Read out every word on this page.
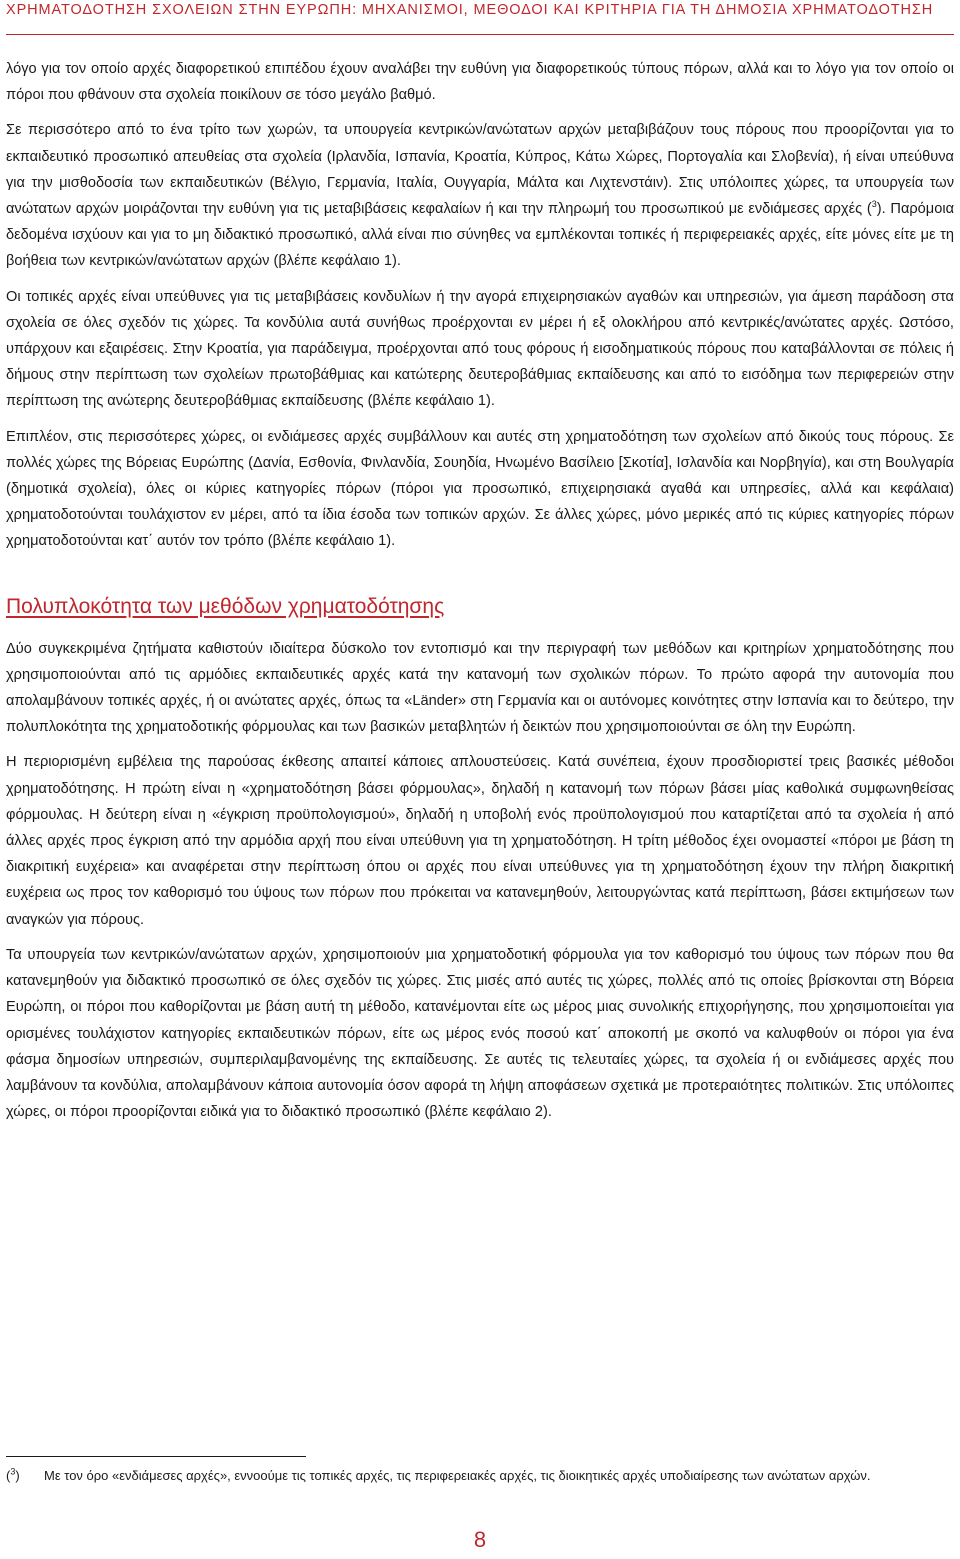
ΧΡΗΜΑΤΟΔΟΤΗΣΗ ΣΧΟΛΕΙΩΝ ΣΤΗΝ ΕΥΡΩΠΗ: ΜΗΧΑΝΙΣΜΟΙ, ΜΕΘΟΔΟΙ ΚΑΙ ΚΡΙΤΗΡΙΑ ΓΙΑ ΤΗ ΔΗΜΟΣΙΑ ΧΡΗΜΑΤΟΔΟΤΗΣΗ

λόγο για τον οποίο αρχές διαφορετικού επιπέδου έχουν αναλάβει την ευθύνη για διαφορετικούς τύπους πόρων, αλλά και το λόγο για τον οποίο οι πόροι που φθάνουν στα σχολεία ποικίλουν σε τόσο μεγάλο βαθμό.

Σε περισσότερο από το ένα τρίτο των χωρών, τα υπουργεία κεντρικών/ανώτατων αρχών μεταβιβάζουν τους πόρους που προορίζονται για το εκπαιδευτικό προσωπικό απευθείας στα σχολεία (Ιρλανδία, Ισπανία, Κροατία, Κύπρος, Κάτω Χώρες, Πορτογαλία και Σλοβενία), ή είναι υπεύθυνα για την μισθοδοσία των εκπαιδευτικών (Βέλγιο, Γερμανία, Ιταλία, Ουγγαρία, Μάλτα και Λιχτενστάιν). Στις υπόλοιπες χώρες, τα υπουργεία των ανώτατων αρχών μοιράζονται την ευθύνη για τις μεταβιβάσεις κεφαλαίων ή και την πληρωμή του προσωπικού με ενδιάμεσες αρχές ($^3$). Παρόμοια δεδομένα ισχύουν και για το μη διδακτικό προσωπικό, αλλά είναι πιο σύνηθες να εμπλέκονται τοπικές ή περιφερειακές αρχές, είτε μόνες είτε με τη βοήθεια των κεντρικών/ανώτατων αρχών (βλέπε κεφάλαιο 1).

Οι τοπικές αρχές είναι υπεύθυνες για τις μεταβιβάσεις κονδυλίων ή την αγορά επιχειρησιακών αγαθών και υπηρεσιών, για άμεση παράδοση στα σχολεία σε όλες σχεδόν τις χώρες. Τα κονδύλια αυτά συνήθως προέρχονται εν μέρει ή εξ ολοκλήρου από κεντρικές/ανώτατες αρχές. Ωστόσο, υπάρχουν και εξαιρέσεις. Στην Κροατία, για παράδειγμα, προέρχονται από τους φόρους ή εισοδηματικούς πόρους που καταβάλλονται σε πόλεις ή δήμους στην περίπτωση των σχολείων πρωτοβάθμιας και κατώτερης δευτεροβάθμιας εκπαίδευσης και από το εισόδημα των περιφερειών στην περίπτωση της ανώτερης δευτεροβάθμιας εκπαίδευσης (βλέπε κεφάλαιο 1).

Επιπλέον, στις περισσότερες χώρες, οι ενδιάμεσες αρχές συμβάλλουν και αυτές στη χρηματοδότηση των σχολείων από δικούς τους πόρους. Σε πολλές χώρες της Βόρειας Ευρώπης (Δανία, Εσθονία, Φινλανδία, Σουηδία, Ηνωμένο Βασίλειο [Σκοτία], Ισλανδία και Νορβηγία), και στη Βουλγαρία (δημοτικά σχολεία), όλες οι κύριες κατηγορίες πόρων (πόροι για προσωπικό, επιχειρησιακά αγαθά και υπηρεσίες, αλλά και κεφάλαια) χρηματοδοτούνται τουλάχιστον εν μέρει, από τα ίδια έσοδα των τοπικών αρχών. Σε άλλες χώρες, μόνο μερικές από τις κύριες κατηγορίες πόρων χρηματοδοτούνται κατ΄ αυτόν τον τρόπο (βλέπε κεφάλαιο 1).

Πολυπλοκότητα των μεθόδων χρηματοδότησης

Δύο συγκεκριμένα ζητήματα καθιστούν ιδιαίτερα δύσκολο τον εντοπισμό και την περιγραφή των μεθόδων και κριτηρίων χρηματοδότησης που χρησιμοποιούνται από τις αρμόδιες εκπαιδευτικές αρχές κατά την κατανομή των σχολικών πόρων. Το πρώτο αφορά την αυτονομία που απολαμβάνουν τοπικές αρχές, ή οι ανώτατες αρχές, όπως τα «Länder» στη Γερμανία και οι αυτόνομες κοινότητες στην Ισπανία και το δεύτερο, την πολυπλοκότητα της χρηματοδοτικής φόρμουλας και των βασικών μεταβλητών ή δεικτών που χρησιμοποιούνται σε όλη την Ευρώπη.

Η περιορισμένη εμβέλεια της παρούσας έκθεσης απαιτεί κάποιες απλουστεύσεις. Κατά συνέπεια, έχουν προσδιοριστεί τρεις βασικές μέθοδοι χρηματοδότησης. Η πρώτη είναι η «χρηματοδότηση βάσει φόρμουλας», δηλαδή η κατανομή των πόρων βάσει μίας καθολικά συμφωνηθείσας φόρμουλας. Η δεύτερη είναι η «έγκριση προϋπολογισμού», δηλαδή η υποβολή ενός προϋπολογισμού που καταρτίζεται από τα σχολεία ή από άλλες αρχές προς έγκριση από την αρμόδια αρχή που είναι υπεύθυνη για τη χρηματοδότηση. Η τρίτη μέθοδος έχει ονομαστεί «πόροι με βάση τη διακριτική ευχέρεια» και αναφέρεται στην περίπτωση όπου οι αρχές που είναι υπεύθυνες για τη χρηματοδότηση έχουν την πλήρη διακριτική ευχέρεια ως προς τον καθορισμό του ύψους των πόρων που πρόκειται να κατανεμηθούν, λειτουργώντας κατά περίπτωση, βάσει εκτιμήσεων των αναγκών για πόρους.

Τα υπουργεία των κεντρικών/ανώτατων αρχών, χρησιμοποιούν μια χρηματοδοτική φόρμουλα για τον καθορισμό του ύψους των πόρων που θα κατανεμηθούν για διδακτικό προσωπικό σε όλες σχεδόν τις χώρες. Στις μισές από αυτές τις χώρες, πολλές από τις οποίες βρίσκονται στη Βόρεια Ευρώπη, οι πόροι που καθορίζονται με βάση αυτή τη μέθοδο, κατανέμονται είτε ως μέρος μιας συνολικής επιχορήγησης, που χρησιμοποιείται για ορισμένες τουλάχιστον κατηγορίες εκπαιδευτικών πόρων, είτε ως μέρος ενός ποσού κατ΄ αποκοπή με σκοπό να καλυφθούν οι πόροι για ένα φάσμα δημοσίων υπηρεσιών, συμπεριλαμβανομένης της εκπαίδευσης. Σε αυτές τις τελευταίες χώρες, τα σχολεία ή οι ενδιάμεσες αρχές που λαμβάνουν τα κονδύλια, απολαμβάνουν κάποια αυτονομία όσον αφορά τη λήψη αποφάσεων σχετικά με προτεραιότητες πολιτικών. Στις υπόλοιπες χώρες, οι πόροι προορίζονται ειδικά για το διδακτικό προσωπικό (βλέπε κεφάλαιο 2).

($^3$) Με τον όρο «ενδιάμεσες αρχές», εννοούμε τις τοπικές αρχές, τις περιφερειακές αρχές, τις διοικητικές αρχές υποδιαίρεσης των ανώτατων αρχών.
8
